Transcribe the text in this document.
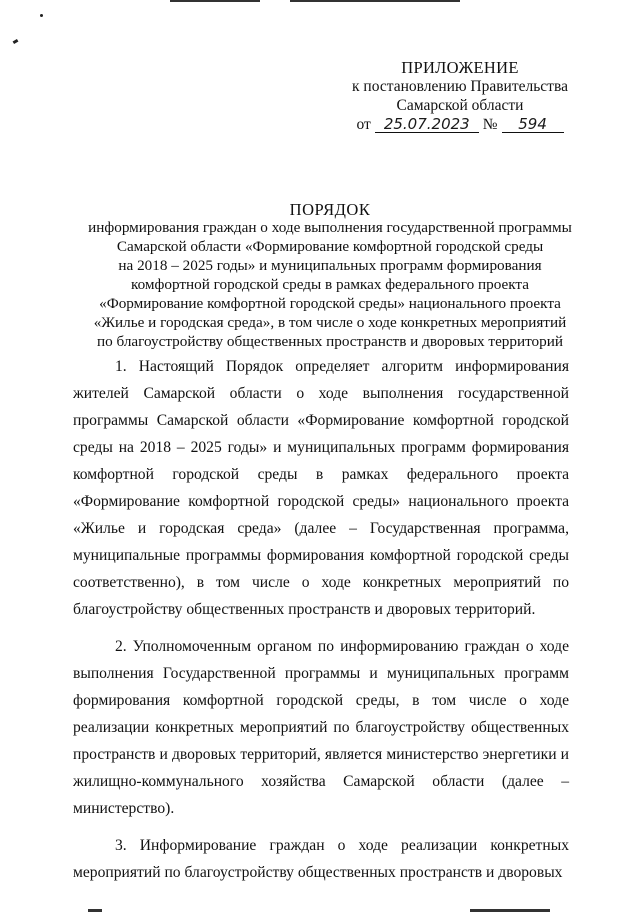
ПРИЛОЖЕНИЕ
к постановлению Правительства
Самарской области
от 25.07.2023 №	594
ПОРЯДОК
информирования граждан о ходе выполнения государственной программы
Самарской области «Формирование комфортной городской среды
на 2018 – 2025 годы» и муниципальных программ формирования
комфортной городской среды в рамках федерального проекта
«Формирование комфортной городской среды» национального проекта
«Жилье и городская среда», в том числе о ходе конкретных мероприятий
по благоустройству общественных пространств и дворовых территорий

1. Настоящий Порядок определяет алгоритм информирования жителей Самарской области о ходе выполнения государственной программы Самарской области «Формирование комфортной городской среды на 2018 – 2025 годы» и муниципальных программ формирования комфортной городской среды в рамках федерального проекта «Формирование комфортной городской среды» национального проекта «Жилье и городская среда» (далее – Государственная программа, муниципальные программы формирования комфортной городской среды соответственно), в том числе о ходе конкретных мероприятий по благоустройству общественных пространств и дворовых территорий.

2. Уполномоченным органом по информированию граждан о ходе выполнения Государственной программы и муниципальных программ формирования комфортной городской среды, в том числе о ходе реализации конкретных мероприятий по благоустройству общественных пространств и дворовых территорий, является министерство энергетики и жилищно-коммунального хозяйства Самарской области (далее – министерство).

3. Информирование граждан о ходе реализации конкретных мероприятий по благоустройству общественных пространств и дворовых
